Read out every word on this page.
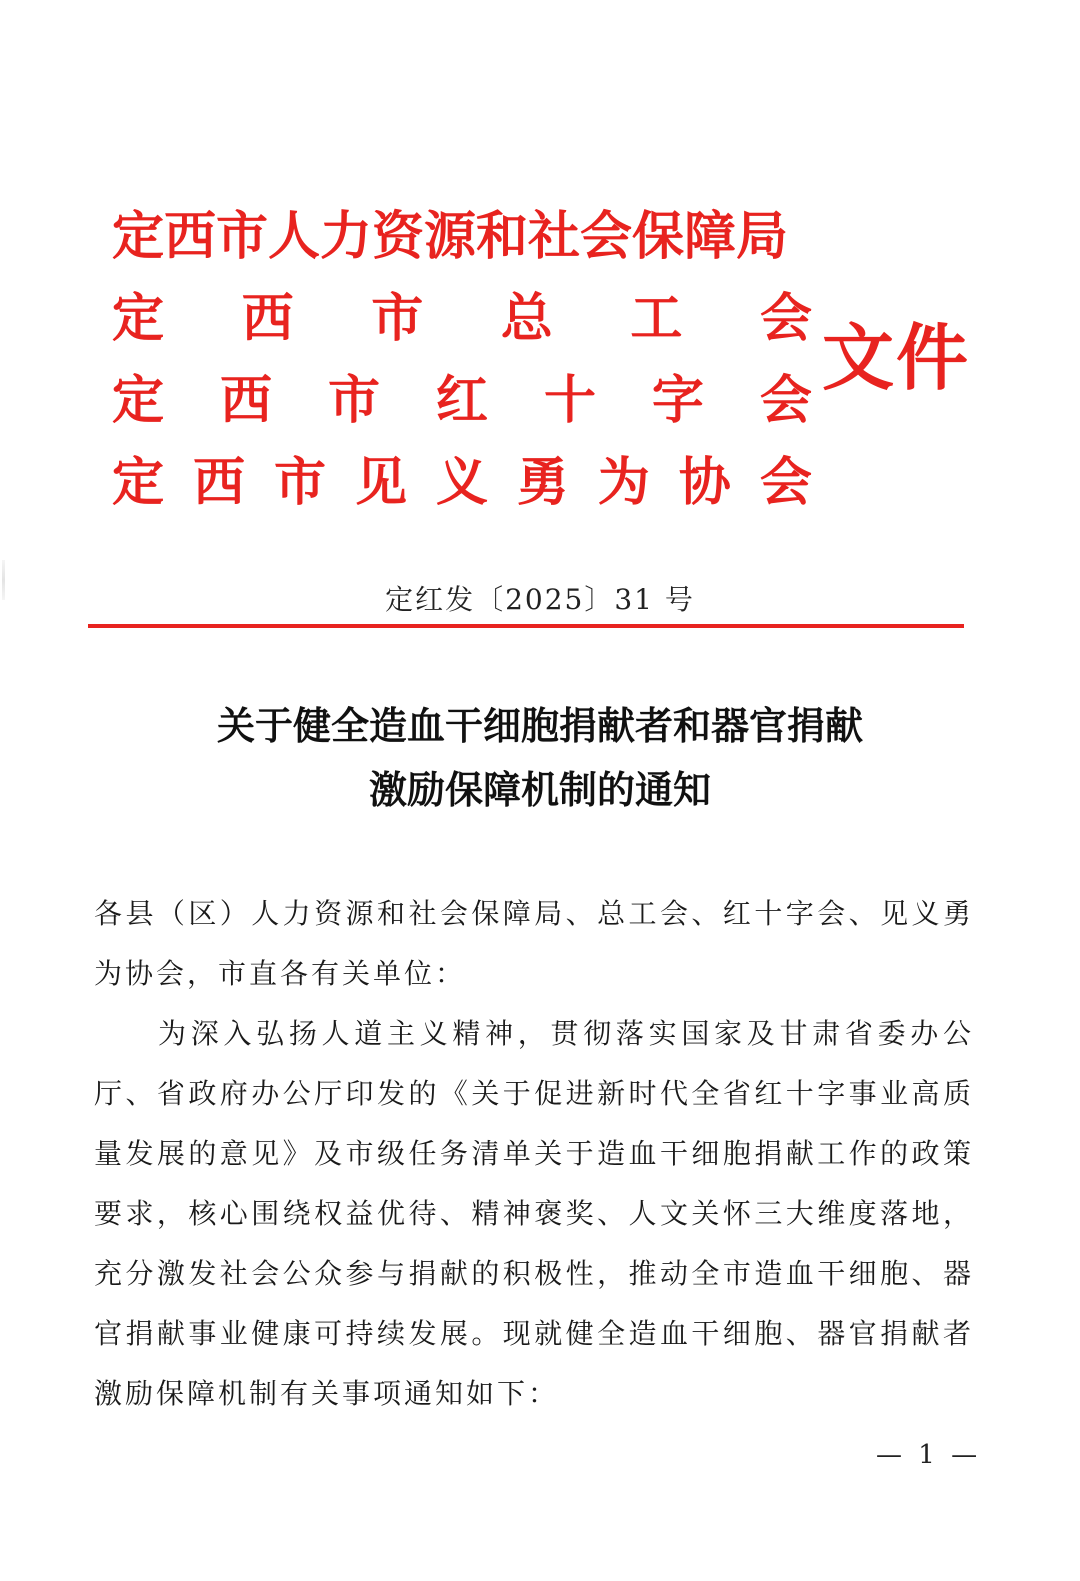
定西市人力资源和社会保障局
定 西 市 总 工 会
定 西 市 红 十 字 会
定 西 市 见 义 勇 为 协 会
文件
定红发〔2025〕31 号
关于健全造血干细胞捐献者和器官捐献
激励保障机制的通知

各县（区）人力资源和社会保障局、总工会、红十字会、见义勇为协会，市直各有关单位：

为深入弘扬人道主义精神，贯彻落实国家及甘肃省委办公厅、省政府办公厅印发的《关于促进新时代全省红十字事业高质量发展的意见》及市级任务清单关于造血干细胞捐献工作的政策要求，核心围绕权益优待、精神褒奖、人文关怀三大维度落地，充分激发社会公众参与捐献的积极性，推动全市造血干细胞、器官捐献事业健康可持续发展。现就健全造血干细胞、器官捐献者激励保障机制有关事项通知如下：

— 1 —
